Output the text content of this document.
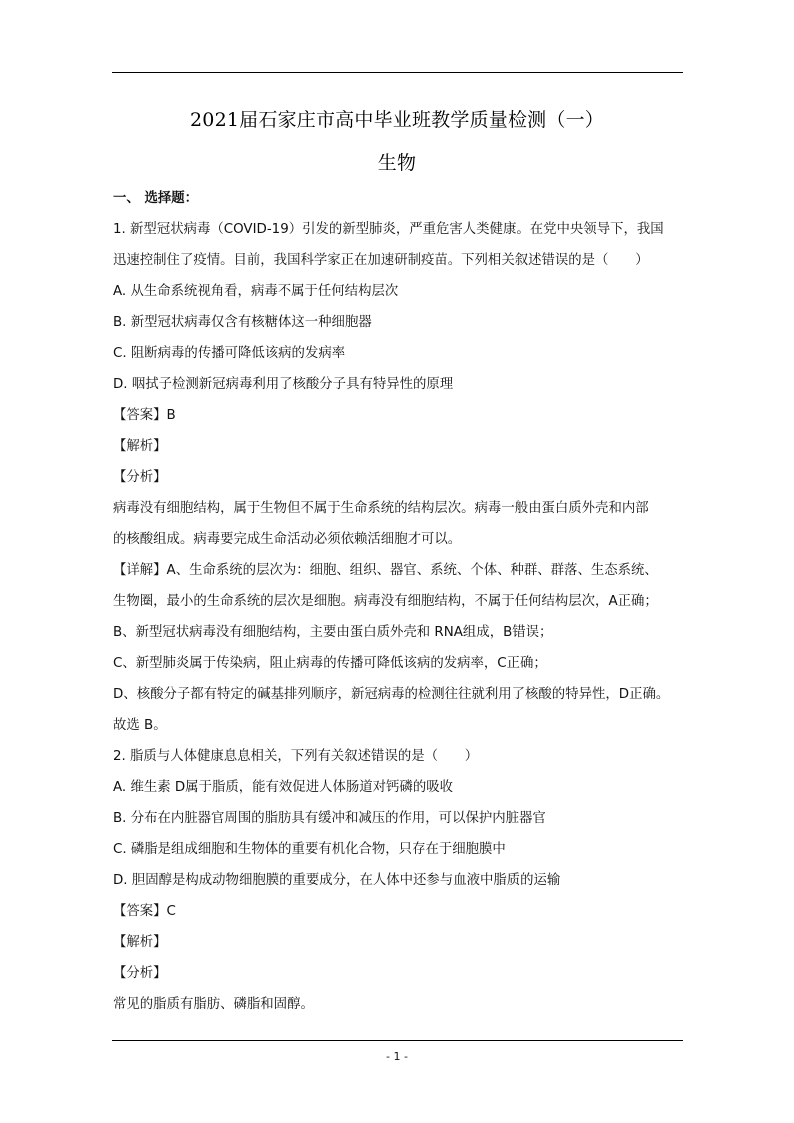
2021届石家庄市高中毕业班教学质量检测（一）
生物
一、 选择题：
1. 新型冠状病毒（COVID-19）引发的新型肺炎，严重危害人类健康。在党中央领导下，我国
迅速控制住了疫情。目前，我国科学家正在加速研制疫苗。下列相关叙述错误的是（　　）
A. 从生命系统视角看，病毒不属于任何结构层次
B. 新型冠状病毒仅含有核糖体这一种细胞器
C. 阻断病毒的传播可降低该病的发病率
D. 咽拭子检测新冠病毒利用了核酸分子具有特异性的原理
【答案】B
【解析】
【分析】
病毒没有细胞结构，属于生物但不属于生命系统的结构层次。病毒一般由蛋白质外壳和内部
的核酸组成。病毒要完成生命活动必须依赖活细胞才可以。
【详解】A、生命系统的层次为：细胞、组织、器官、系统、个体、种群、群落、生态系统、
生物圈，最小的生命系统的层次是细胞。病毒没有细胞结构，不属于任何结构层次，A正确；
B、新型冠状病毒没有细胞结构，主要由蛋白质外壳和 RNA组成，B错误；
C、新型肺炎属于传染病，阻止病毒的传播可降低该病的发病率，C正确；
D、核酸分子都有特定的碱基排列顺序，新冠病毒的检测往往就利用了核酸的特异性，D正确。
故选 B。
2. 脂质与人体健康息息相关，下列有关叙述错误的是（　　）
A. 维生素 D属于脂质，能有效促进人体肠道对钙磷的吸收
B. 分布在内脏器官周围的脂肪具有缓冲和减压的作用，可以保护内脏器官
C. 磷脂是组成细胞和生物体的重要有机化合物，只存在于细胞膜中
D. 胆固醇是构成动物细胞膜的重要成分，在人体中还参与血液中脂质的运输
【答案】C
【解析】
【分析】
常见的脂质有脂肪、磷脂和固醇。
- 1 -
